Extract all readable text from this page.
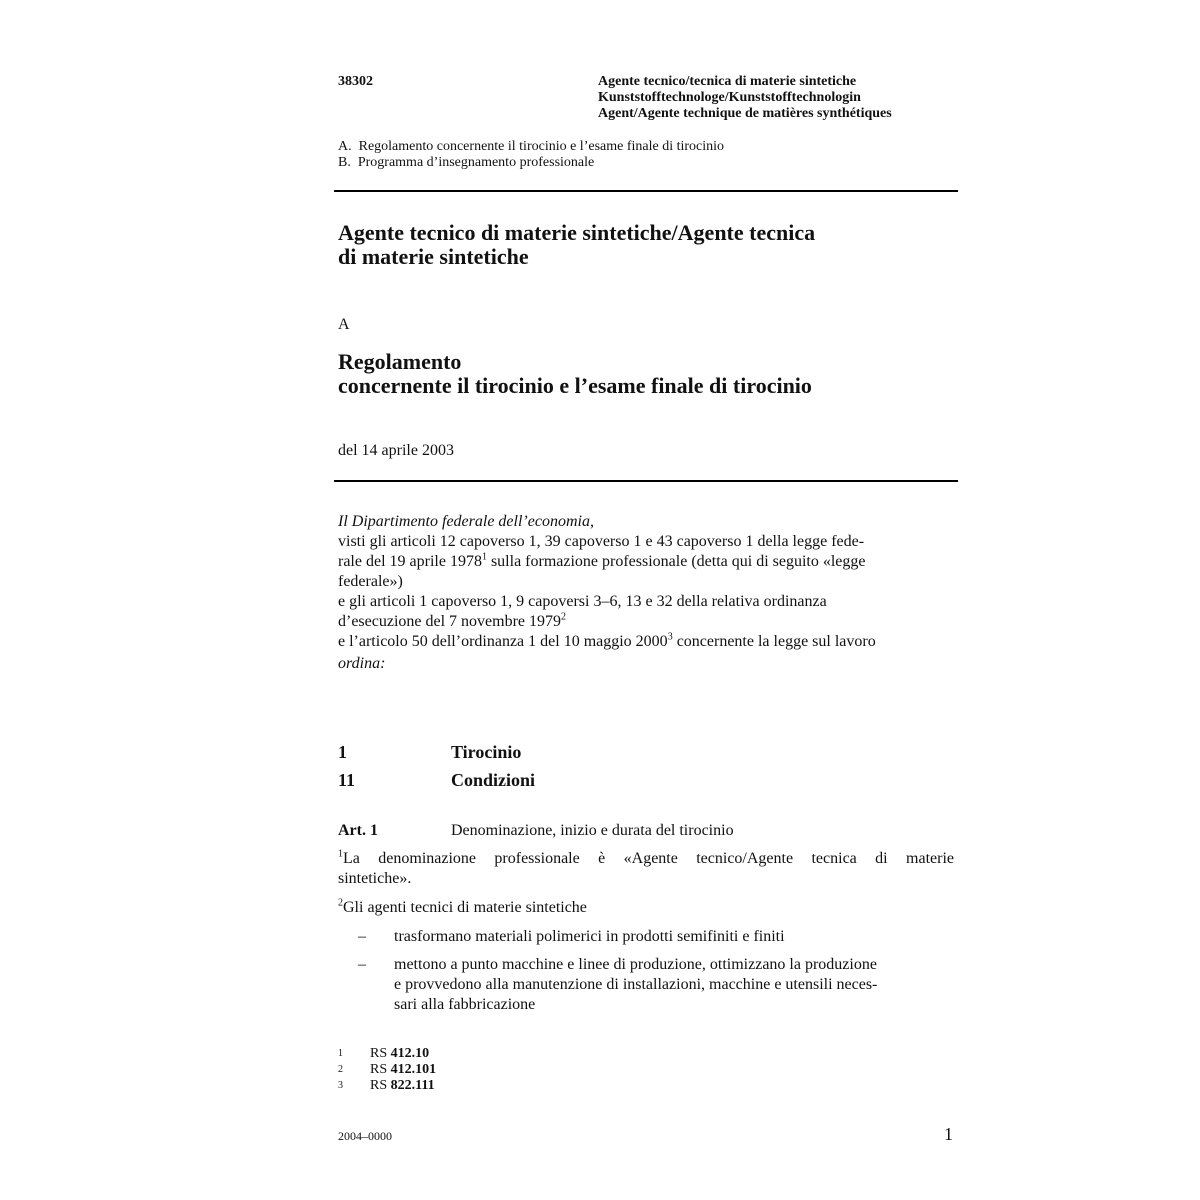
38302	Agente tecnico/tecnica di materie sintetiche
Kunststofftechnologe/Kunststofftechnologin
Agent/Agente technique de matières synthétiques
A.  Regolamento concernente il tirocinio e l’esame finale di tirocinio
B.  Programma d’insegnamento professionale
Agente tecnico di materie sintetiche/Agente tecnica
di materie sintetiche
A
Regolamento
concernente il tirocinio e l’esame finale di tirocinio
del 14 aprile 2003
Il Dipartimento federale dell’economia,
visti gli articoli 12 capoverso 1, 39 capoverso 1 e 43 capoverso 1 della legge fede-
rale del 19 aprile 1978$^1$ sulla formazione professionale (detta qui di seguito «legge
federale»)
e gli articoli 1 capoverso 1, 9 capoversi 3–6, 13 e 32 della relativa ordinanza
d’esecuzione del 7 novembre 1979$^2$
e l’articolo 50 dell’ordinanza 1 del 10 maggio 2000$^3$ concernente la legge sul lavoro
ordina:
1	Tirocinio
11	Condizioni
Art. 1	Denominazione, inizio e durata del tirocinio
$^1$La denominazione professionale è «Agente tecnico/Agente tecnica di materie
sintetiche».
$^2$Gli agenti tecnici di materie sintetiche
– trasformano materiali polimerici in prodotti semifiniti e finiti
– mettono a punto macchine e linee di produzione, ottimizzano la produzione
e provvedono alla manutenzione di installazioni, macchine e utensili neces-
sari alla fabbricazione
1 RS 412.10
2 RS 412.101
3 RS 822.111
2004–0000	1
